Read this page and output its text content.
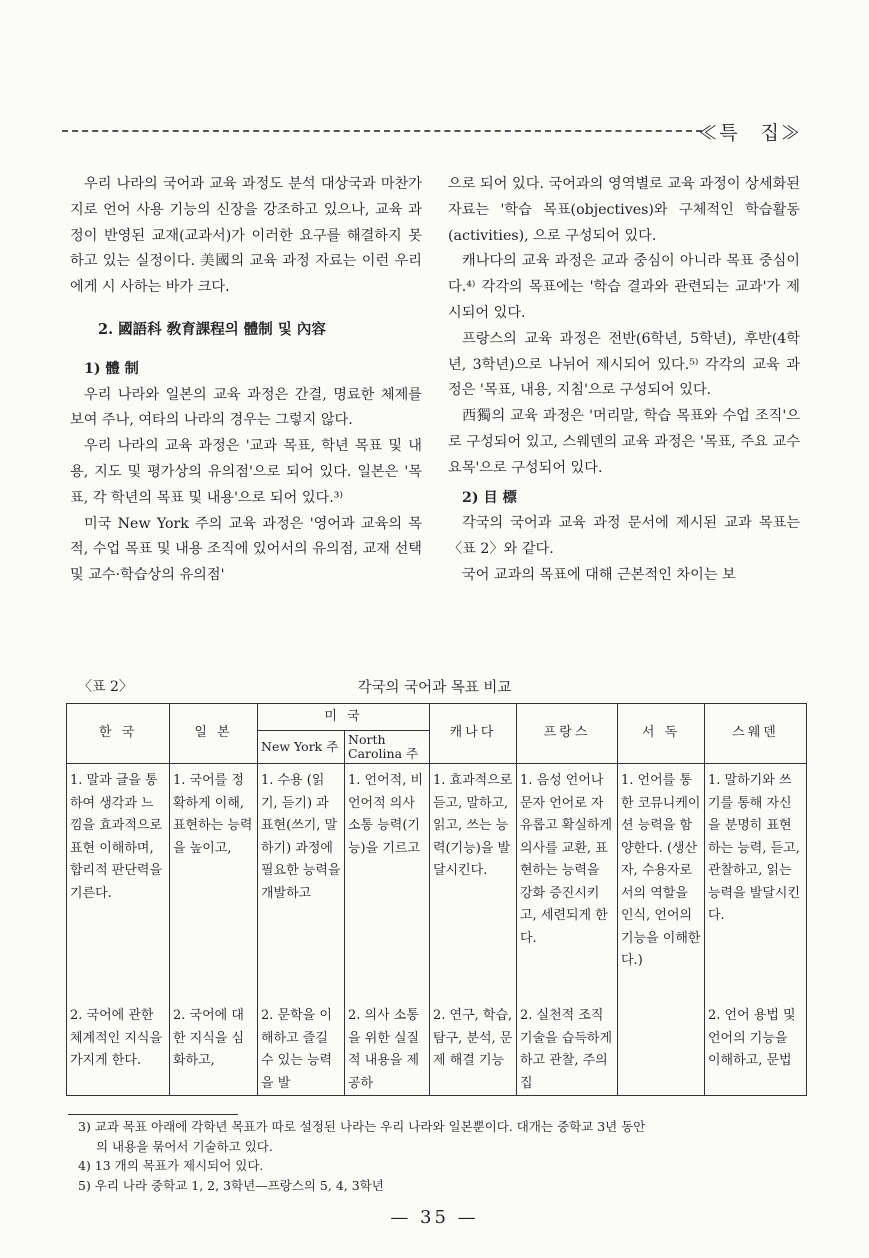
≪특　집≫

우리 나라의 국어과 교육 과정도 분석 대상국과 마찬가지로 언어 사용 기능의 신장을 강조하고 있으나, 교육 과정이 반영된 교재(교과서)가 이러한 요구를 해결하지 못하고 있는 실정이다. 美國의 교육 과정 자료는 이런 우리에게 시 사하는 바가 크다.

2. 國語科 敎育課程의 體制 및 內容

1) 體 制

우리 나라와 일본의 교육 과정은 간결, 명료한 체제를 보여 주나, 여타의 나라의 경우는 그렇지 않다.

우리 나라의 교육 과정은 '교과 목표, 학년 목표 및 내용, 지도 및 평가상의 유의점'으로 되어 있다. 일본은 '목표, 각 학년의 목표 및 내용'으로 되어 있다.³⁾

미국 New York 주의 교육 과정은 '영어과 교육의 목적, 수업 목표 및 내용 조직에 있어서의 유의점, 교재 선택 및 교수·학습상의 유의점'

으로 되어 있다. 국어과의 영역별로 교육 과정이 상세화된 자료는 '학습 목표(objectives)와 구체적인 학습활동(activities), 으로 구성되어 있다.

캐나다의 교육 과정은 교과 중심이 아니라 목표 중심이다.⁴⁾ 각각의 목표에는 '학습 결과와 관련되는 교과'가 제시되어 있다.

프랑스의 교육 과정은 전반(6학년, 5학년), 후반(4학년, 3학년)으로 나뉘어 제시되어 있다.⁵⁾ 각각의 교육 과정은 '목표, 내용, 지침'으로 구성되어 있다.

西獨의 교육 과정은 '머리말, 학습 목표와 수업 조직'으로 구성되어 있고, 스웨덴의 교육 과정은 '목표, 주요 교수 요목'으로 구성되어 있다.

2) 目 標

각국의 국어과 교육 과정 문서에 제시된 교과 목표는 〈표 2〉와 같다.

국어 교과의 목표에 대해 근본적인 차이는 보

〈표 2〉	각국의 국어과 목표 비교
한 국	일 본	미 국		캐나다	프랑스	서 독	스웨덴
		New York 주	North Carolina 주				
1. 말과 글을 통하여 생각과 느낌을 효과적으로 표현 이해하며, 합리적 판단력을 기른다.	1. 국어를 정확하게 이해, 표현하는 능력을 높이고,	1. 수용 (읽기, 듣기) 과 표현(쓰기, 말하기) 과정에 필요한 능력을 개발하고	1. 언어적, 비언어적 의사 소통 능력(기능)을 기르고	1. 효과적으로 듣고, 말하고, 읽고, 쓰는 능력(기능)을 발달시킨다.	1. 음성 언어나 문자 언어로 자유롭고 확실하게 의사를 교환, 표현하는 능력을 강화 증진시키고, 세련되게 한다.	1. 언어를 통한 코뮤니케이션 능력을 함양한다. (생산자, 수용자로서의 역할을 인식, 언어의 기능을 이해한다.)	1. 말하기와 쓰기를 통해 자신을 분명히 표현하는 능력, 듣고, 관찰하고, 읽는 능력을 발달시킨다.
2. 국어에 관한 체계적인 지식을 가지게 한다.	2. 국어에 대한 지식을 심화하고,	2. 문학을 이해하고 즐길 수 있는 능력을 발	2. 의사 소통을 위한 실질적 내용을 제공하	2. 연구, 학습, 탐구, 분석, 문제 해결 기능	2. 실천적 조직 기술을 습득하게 하고 관찰, 주의 집		2. 언어 용법 및 언어의 기능을 이해하고, 문법

3) 교과 목표 아래에 각학년 목표가 따로 설정된 나라는 우리 나라와 일본뿐이다. 대개는 중학교 3년 동안

의 내용을 묶어서 기술하고 있다.

4) 13 개의 목표가 제시되어 있다.

5) 우리 나라 중학교 1, 2, 3학년—프랑스의 5, 4, 3학년

— 35 —
